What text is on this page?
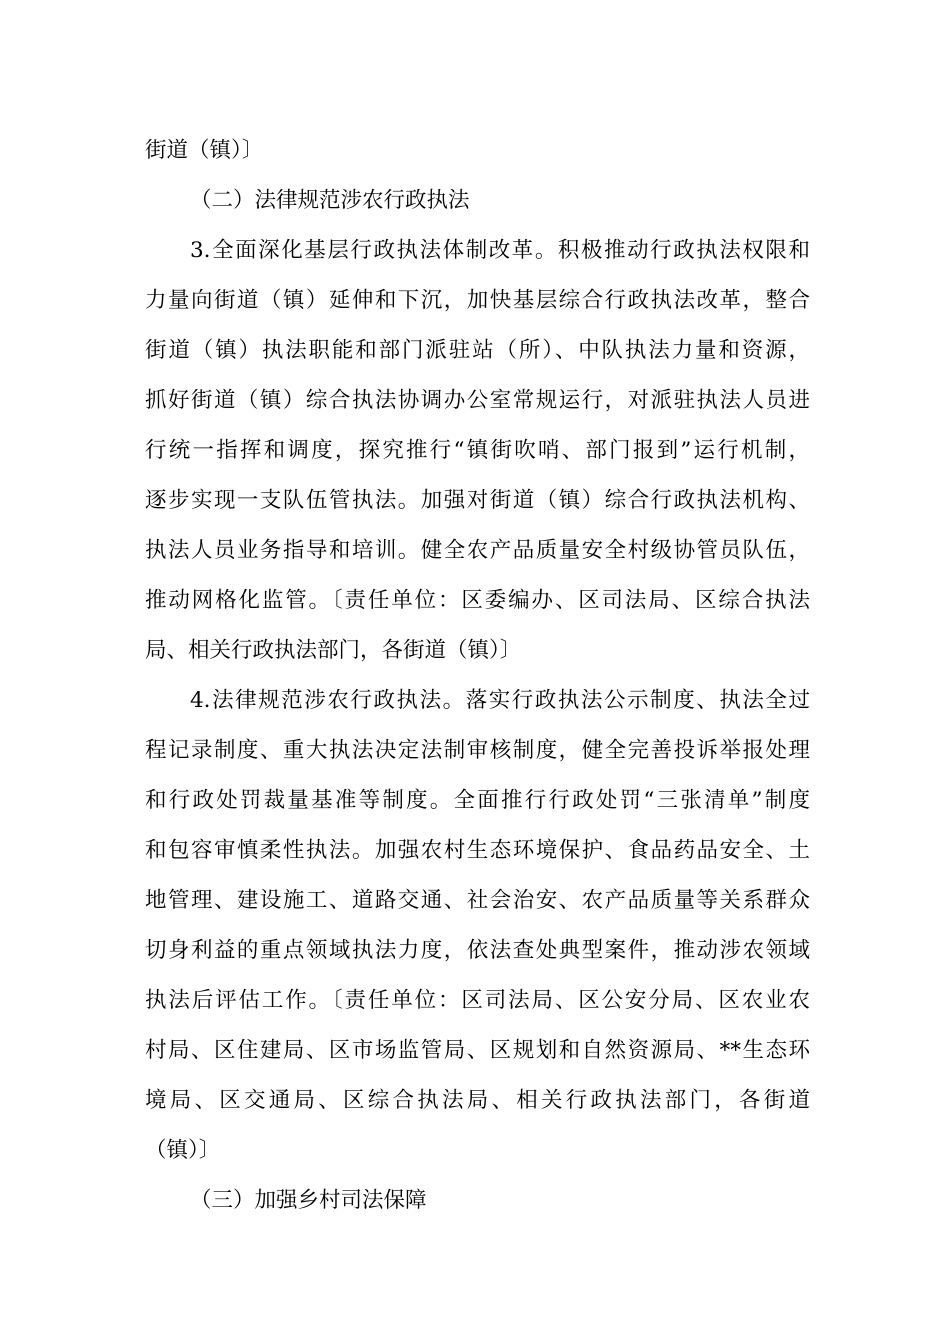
街道（镇）〕
（二）法律规范涉农行政执法
3.全面深化基层行政执法体制改革。积极推动行政执法权限和
力量向街道（镇）延伸和下沉，加快基层综合行政执法改革，整合
街道（镇）执法职能和部门派驻站（所）、中队执法力量和资源，
抓好街道（镇）综合执法协调办公室常规运行，对派驻执法人员进
行统一指挥和调度，探究推行“镇街吹哨、部门报到”运行机制，
逐步实现一支队伍管执法。加强对街道（镇）综合行政执法机构、
执法人员业务指导和培训。健全农产品质量安全村级协管员队伍，
推动网格化监管。〔责任单位：区委编办、区司法局、区综合执法
局、相关行政执法部门，各街道（镇）〕
4.法律规范涉农行政执法。落实行政执法公示制度、执法全过
程记录制度、重大执法决定法制审核制度，健全完善投诉举报处理
和行政处罚裁量基准等制度。全面推行行政处罚“三张清单”制度
和包容审慎柔性执法。加强农村生态环境保护、食品药品安全、土
地管理、建设施工、道路交通、社会治安、农产品质量等关系群众
切身利益的重点领域执法力度，依法查处典型案件，推动涉农领域
执法后评估工作。〔责任单位：区司法局、区公安分局、区农业农
村局、区住建局、区市场监管局、区规划和自然资源局、**生态环
境局、区交通局、区综合执法局、相关行政执法部门，各街道
（镇）〕
（三）加强乡村司法保障
